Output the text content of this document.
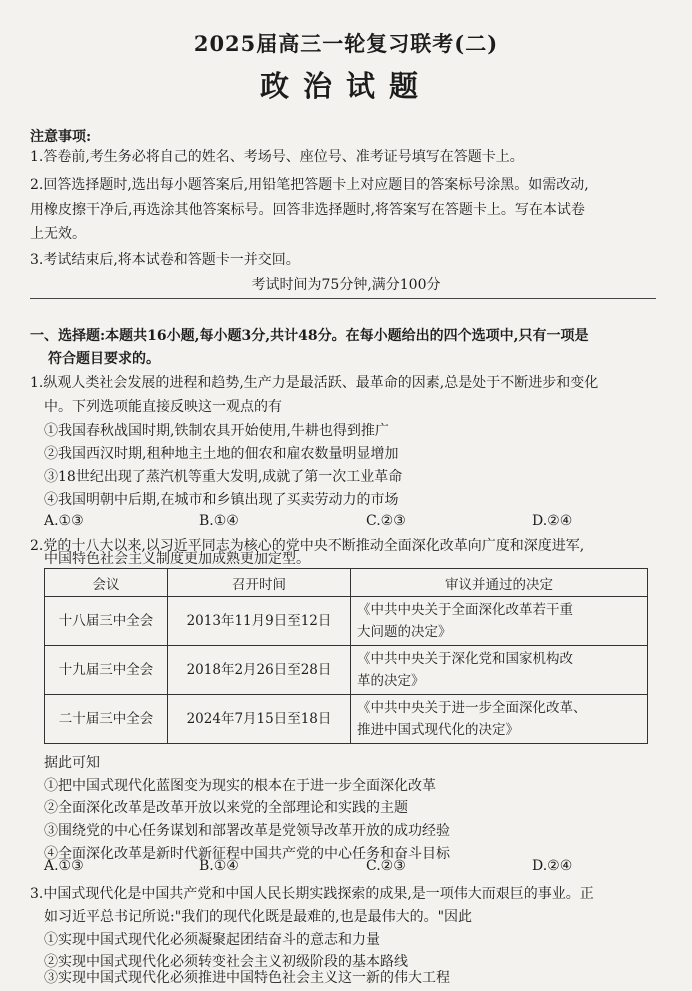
2025届高三一轮复习联考(二)
政治试题
注意事项:
1.答卷前,考生务必将自己的姓名、考场号、座位号、准考证号填写在答题卡上。
2.回答选择题时,选出每小题答案后,用铅笔把答题卡上对应题目的答案标号涂黑。如需改动,
用橡皮擦干净后,再选涂其他答案标号。回答非选择题时,将答案写在答题卡上。写在本试卷
上无效。
3.考试结束后,将本试卷和答题卡一并交回。
考试时间为75分钟,满分100分
一、选择题:本题共16小题,每小题3分,共计48分。在每小题给出的四个选项中,只有一项是
符合题目要求的。
1.纵观人类社会发展的进程和趋势,生产力是最活跃、最革命的因素,总是处于不断进步和变化
中。下列选项能直接反映这一观点的有
①我国春秋战国时期,铁制农具开始使用,牛耕也得到推广
②我国西汉时期,租种地主土地的佃农和雇农数量明显增加
③18世纪出现了蒸汽机等重大发明,成就了第一次工业革命
④我国明朝中后期,在城市和乡镇出现了买卖劳动力的市场
A.①③	B.①④	C.②③	D.②④
2.党的十八大以来,以习近平同志为核心的党中央不断推动全面深化改革向广度和深度进军,
中国特色社会主义制度更加成熟更加定型。
会议	召开时间	审议并通过的决定
十八届三中全会	2013年11月9日至12日	《中共中央关于全面深化改革若干重
大问题的决定》

十九届三中全会	2018年2月26日至28日	《中共中央关于深化党和国家机构改
革的决定》

二十届三中全会	2024年7月15日至18日	《中共中央关于进一步全面深化改革、
推进中国式现代化的决定》
据此可知
①把中国式现代化蓝图变为现实的根本在于进一步全面深化改革
②全面深化改革是改革开放以来党的全部理论和实践的主题
③围绕党的中心任务谋划和部署改革是党领导改革开放的成功经验
④全面深化改革是新时代新征程中国共产党的中心任务和奋斗目标
A.①③	B.①④	C.②③	D.②④
3.中国式现代化是中国共产党和中国人民长期实践探索的成果,是一项伟大而艰巨的事业。正
如习近平总书记所说:"我们的现代化既是最难的,也是最伟大的。"因此
①实现中国式现代化必须凝聚起团结奋斗的意志和力量
②实现中国式现代化必须转变社会主义初级阶段的基本路线
③实现中国式现代化必须推进中国特色社会主义这一新的伟大工程
